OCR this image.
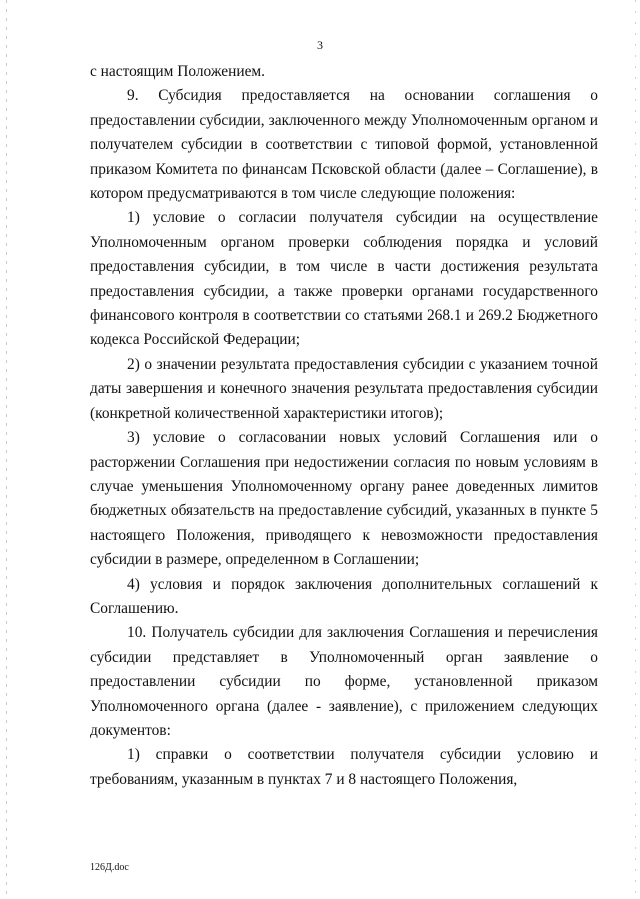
3

с настоящим Положением.

9. Субсидия предоставляется на основании соглашения о предоставлении субсидии, заключенного между Уполномоченным органом и получателем субсидии в соответствии с типовой формой, установленной приказом Комитета по финансам Псковской области (далее – Соглашение), в котором предусматриваются в том числе следующие положения:

1) условие о согласии получателя субсидии на осуществление Уполномоченным органом проверки соблюдения порядка и условий предоставления субсидии, в том числе в части достижения результата предоставления субсидии, а также проверки органами государственного финансового контроля в соответствии со статьями 268.1 и 269.2 Бюджетного кодекса Российской Федерации;

2) о значении результата предоставления субсидии с указанием точной даты завершения и конечного значения результата предоставления субсидии (конкретной количественной характеристики итогов);

3) условие о согласовании новых условий Соглашения или о расторжении Соглашения при недостижении согласия по новым условиям в случае уменьшения Уполномоченному органу ранее доведенных лимитов бюджетных обязательств на предоставление субсидий, указанных в пункте 5 настоящего Положения, приводящего к невозможности предоставления субсидии в размере, определенном в Соглашении;

4) условия и порядок заключения дополнительных соглашений к Соглашению.

10. Получатель субсидии для заключения Соглашения и перечисления субсидии представляет в Уполномоченный орган заявление о предоставлении субсидии по форме, установленной приказом Уполномоченного органа (далее - заявление), с приложением следующих документов:

1) справки о соответствии получателя субсидии условию и требованиям, указанным в пунктах 7 и 8 настоящего Положения,

126Д.doc
